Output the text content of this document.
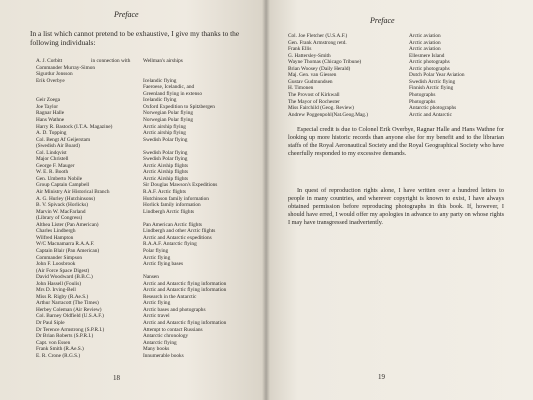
Preface
In a list which cannot pretend to be exhaustive, I give my thanks to the following individuals:
A. J. Corbitt	in connection with Wellman's airships
Commander Murray-Simon
Sigurdur Jonsson
Erik Overbye	Icelandic flying
Faeroese, Icelandic, and
Greenland flying in extenso
Geir Zoega	Icelandic flying
Joe Taylor	Oxford Expedition to Spitzbergen
Ragnar Halle	Norwegian Polar flying
Hans Wathne	Norwegian Polar flying
Harry R. Bastock (I.T.A. Magazine)	Arctic airship flying
A. D. Topping	Arctic airship flying
Col. Bengt Af Geijerstam	Swedish Polar flying
(Swedish Air Board)
Col. Lindqvist	Swedish Polar flying
Major Christell	Swedish Polar flying
George F. Mauger	Arctic Airship flights
W. E. R. Booth	Arctic Airship flights
Gen. Umberto Nobile	Arctic Airship flights
Group Captain Campbell	Sir Douglas Mawson's Expeditions
Air Ministry Air Historical Branch	R.A.F. Arctic flights
A. G. Hurley (Hutchinsons)	Hutchinson family information
B. V. Spivack (Horlicks)	Horlick family information
Marvin W. MacFarland	Lindbergh Arctic flights
(Library of Congress)
Althea Lister (Pan American)	Pan American Arctic flights
Charles Lindbergh	Lindbergh and other Arctic flights
Wilfred Hampton	Arctic and Antarctic expeditions
W/C Macnamarra R.A.A.F.	R.A.A.F. Antarctic flying
Captain Blair (Pan American)	Polar flying
Commander Simpson	Arctic flying
John F. Loosbrook	Arctic flying bases
(Air Force Space Digest)
David Woodward (B.B.C.)	Nansen
John Hassell (Foulis)	Arctic and Antarctic flying information
Mrs D. Irving-Bell	Arctic and Antarctic flying information
Miss R. Rigby (R.Ae.S.)	Research in the Antarctic
Arthur Narracott (The Times)	Arctic flying
Herbey Coleman (Air Review)	Arctic bases and photographs
Col. Barney Oldfield (U.S.A.F.)	Arctic travel
Dr Paul Siple	Arctic and Antarctic flying information
Dr Terence Armstrong (S.P.R.I.)	Attempt to contact Russians
Dr Brian Roberts (S.P.R.I.)	Antarctic chronology
Capt. von Essen	Antarctic flying
Frank Smith (R.Ae.S.)	Many books
E. R. Crone (R.G.S.)	Innumerable books
18
Preface
Col. Joe Fletcher (U.S.A.F.)	Arctic aviation
Gen. Frank Armstrong retd.	Arctic aviation
Frank Ellis	Arctic aviation
G. Hattersley-Smith	Ellesmere Island
Wayne Thomas (Chicago Tribune)	Arctic photographs
Brian Woosey (Daily Herald)	Arctic photographs
Maj. Gen. van Giessen	Dutch Polar Year Aviation
Gustav Gudmundsen	Swedish Arctic flying
H. Timonen	Finnish Arctic flying
The Provost of Kirkwall	Photographs
The Mayor of Rochester	Photographs
Miss Fairchild (Geog. Review)	Antarctic photographs
Andrew Poggenpohl(Nat.Geog.Mag.)	Arctic and Antarctic
Especial credit is due to Colonel Erik Overbye, Ragnar Halle and Hans Wathne for looking up more historic records than anyone else for my benefit and to the librarian staffs of the Royal Aeronautical Society and the Royal Geographical Society who have cheerfully responded to my excessive demands.
In quest of reproduction rights alone, I have written over a hundred letters to people in many countries, and wherever copyright is known to exist, I have always obtained permission before reproducing photographs in this book. If, however, I should have erred, I would offer my apologies in advance to any party on whose rights I may have transgressed inadvertently.
19
